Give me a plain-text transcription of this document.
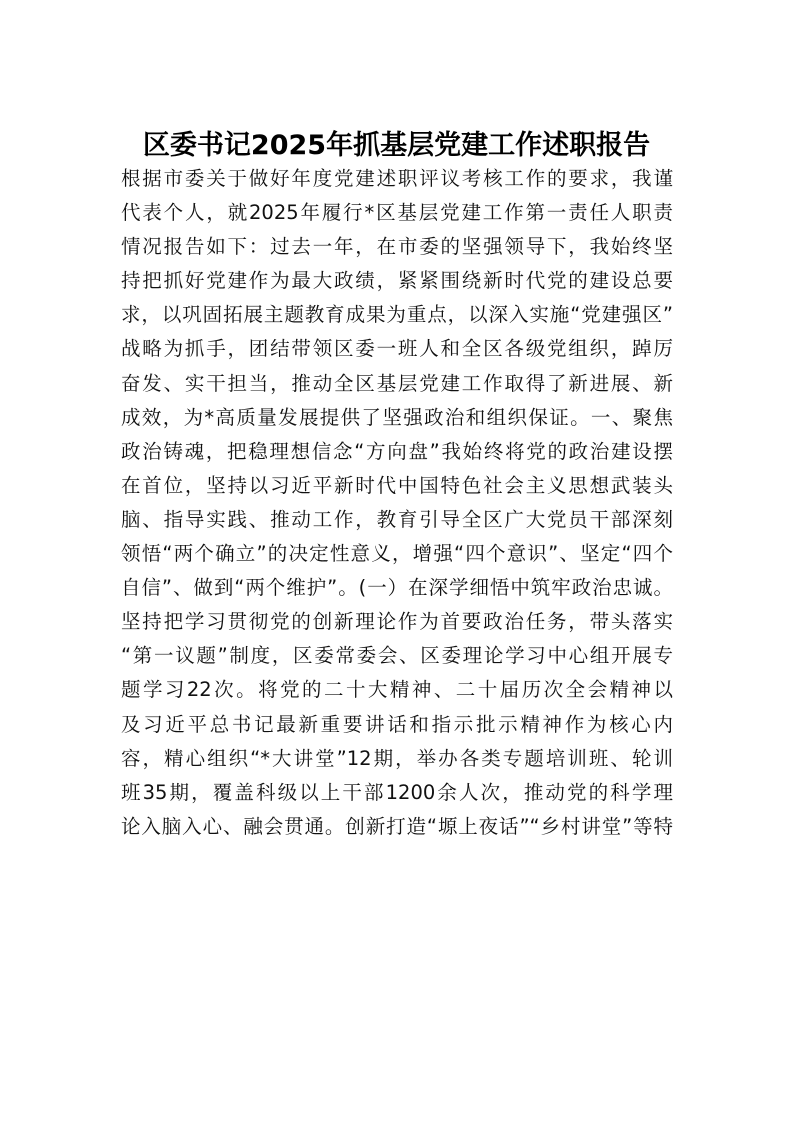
区委书记2025年抓基层党建工作述职报告
根据市委关于做好年度党建述职评议考核工作的要求，我谨
代表个人，就2025年履行*区基层党建工作第一责任人职责
情况报告如下：过去一年，在市委的坚强领导下，我始终坚
持把抓好党建作为最大政绩，紧紧围绕新时代党的建设总要
求，以巩固拓展主题教育成果为重点，以深入实施“党建强区”
战略为抓手，团结带领区委一班人和全区各级党组织，踔厉
奋发、实干担当，推动全区基层党建工作取得了新进展、新
成效，为*高质量发展提供了坚强政治和组织保证。一、聚焦
政治铸魂，把稳理想信念“方向盘”我始终将党的政治建设摆
在首位，坚持以习近平新时代中国特色社会主义思想武装头
脑、指导实践、推动工作，教育引导全区广大党员干部深刻
领悟“两个确立”的决定性意义，增强“四个意识”、坚定“四个
自信”、做到“两个维护”。(一）在深学细悟中筑牢政治忠诚。
坚持把学习贯彻党的创新理论作为首要政治任务，带头落实
“第一议题”制度，区委常委会、区委理论学习中心组开展专
题学习22次。将党的二十大精神、二十届历次全会精神以
及习近平总书记最新重要讲话和指示批示精神作为核心内
容，精心组织“*大讲堂”12期，举办各类专题培训班、轮训
班35期，覆盖科级以上干部1200余人次，推动党的科学理
论入脑入心、融会贯通。创新打造“塬上夜话”“乡村讲堂”等特
